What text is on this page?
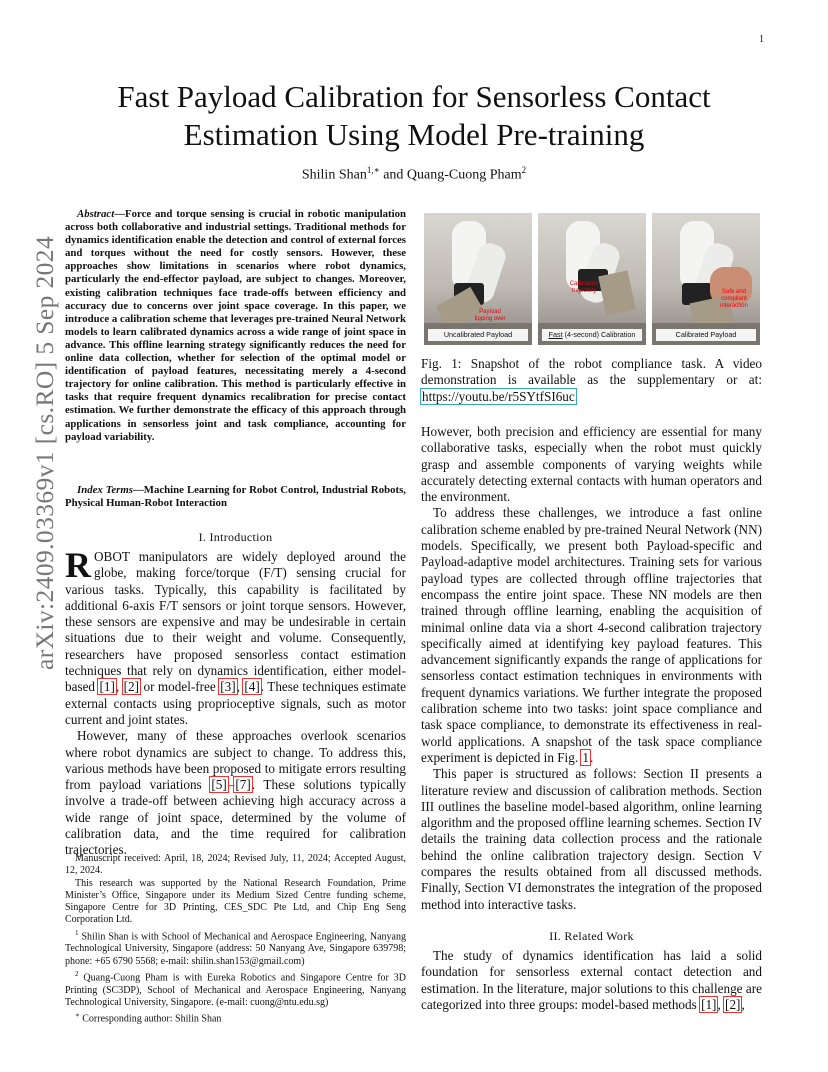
1
arXiv:2409.03369v1 [cs.RO] 5 Sep 2024
Fast Payload Calibration for Sensorless Contact
Estimation Using Model Pre-training
Shilin Shan$^{1,∗}$ and Quang-Cuong Pham$^2$

Abstract—Force and torque sensing is crucial in robotic manipulation across both collaborative and industrial settings. Traditional methods for dynamics identification enable the detection and control of external forces and torques without the need for costly sensors. However, these approaches show limitations in scenarios where robot dynamics, particularly the end-effector payload, are subject to changes. Moreover, existing calibration techniques face trade-offs between efficiency and accuracy due to concerns over joint space coverage. In this paper, we introduce a calibration scheme that leverages pre-trained Neural Network models to learn calibrated dynamics across a wide range of joint space in advance. This offline learning strategy significantly reduces the need for online data collection, whether for selection of the optimal model or identification of payload features, necessitating merely a 4-second trajectory for online calibration. This method is particularly effective in tasks that require frequent dynamics recalibration for precise contact estimation. We further demonstrate the efficacy of this approach through applications in sensorless joint and task compliance, accounting for payload variability.

Index Terms—Machine Learning for Robot Control, Industrial Robots, Physical Human-Robot Interaction

I. Introduction

ROBOT manipulators are widely deployed around the globe, making force/torque (F/T) sensing crucial for various tasks. Typically, this capability is facilitated by additional 6-axis F/T sensors or joint torque sensors. However, these sensors are expensive and may be undesirable in certain situations due to their weight and volume. Consequently, researchers have proposed sensorless contact estimation techniques that rely on dynamics identification, either model-based [1], [2] or model-free [3], [4]. These techniques estimate external contacts using proprioceptive signals, such as motor current and joint states.

However, many of these approaches overlook scenarios where robot dynamics are subject to change. To address this, various methods have been proposed to mitigate errors resulting from payload variations [5]–[7]. These solutions typically involve a trade-off between achieving high accuracy across a wide range of joint space, determined by the volume of calibration data, and the time required for calibration trajectories.

Manuscript received: April, 18, 2024; Revised July, 11, 2024; Accepted August, 12, 2024.

This research was supported by the National Research Foundation, Prime Minister’s Office, Singapore under its Medium Sized Centre funding scheme, Singapore Centre for 3D Printing, CES_SDC Pte Ltd, and Chip Eng Seng Corporation Ltd.

$^1$ Shilin Shan is with School of Mechanical and Aerospace Engineering, Nanyang Technological University, Singapore (address: 50 Nanyang Ave, Singapore 639798; phone: +65 6790 5568; e-mail: shilin.shan153@gmail.com)

$^2$ Quang-Cuong Pham is with Eureka Robotics and Singapore Centre for 3D Printing (SC3DP), School of Mechanical and Aerospace Engineering, Nanyang Technological University, Singapore. (e-mail: cuong@ntu.edu.sg)

∗ Corresponding author: Shilin Shan

Payload tipping over
Uncalibrated Payload
Calibration trajectory
Fast (4-second) Calibration
Safe and compliant interaction
Calibrated Payload

Fig. 1: Snapshot of the robot compliance task. A video demonstration is available as the supplementary or at: https://youtu.be/r5SYtfSI6uc

However, both precision and efficiency are essential for many collaborative tasks, especially when the robot must quickly grasp and assemble components of varying weights while accurately detecting external contacts with human operators and the environment.

To address these challenges, we introduce a fast online calibration scheme enabled by pre-trained Neural Network (NN) models. Specifically, we present both Payload-specific and Payload-adaptive model architectures. Training sets for various payload types are collected through offline trajectories that encompass the entire joint space. These NN models are then trained through offline learning, enabling the acquisition of minimal online data via a short 4-second calibration trajectory specifically aimed at identifying key payload features. This advancement significantly expands the range of applications for sensorless contact estimation techniques in environments with frequent dynamics variations. We further integrate the proposed calibration scheme into two tasks: joint space compliance and task space compliance, to demonstrate its effectiveness in real-world applications. A snapshot of the task space compliance experiment is depicted in Fig. 1.

This paper is structured as follows: Section II presents a literature review and discussion of calibration methods. Section III outlines the baseline model-based algorithm, online learning algorithm and the proposed offline learning schemes. Section IV details the training data collection process and the rationale behind the online calibration trajectory design. Section V compares the results obtained from all discussed methods. Finally, Section VI demonstrates the integration of the proposed method into interactive tasks.

II. Related Work

The study of dynamics identification has laid a solid foundation for sensorless external contact detection and estimation. In the literature, major solutions to this challenge are categorized into three groups: model-based methods [1], [2],
